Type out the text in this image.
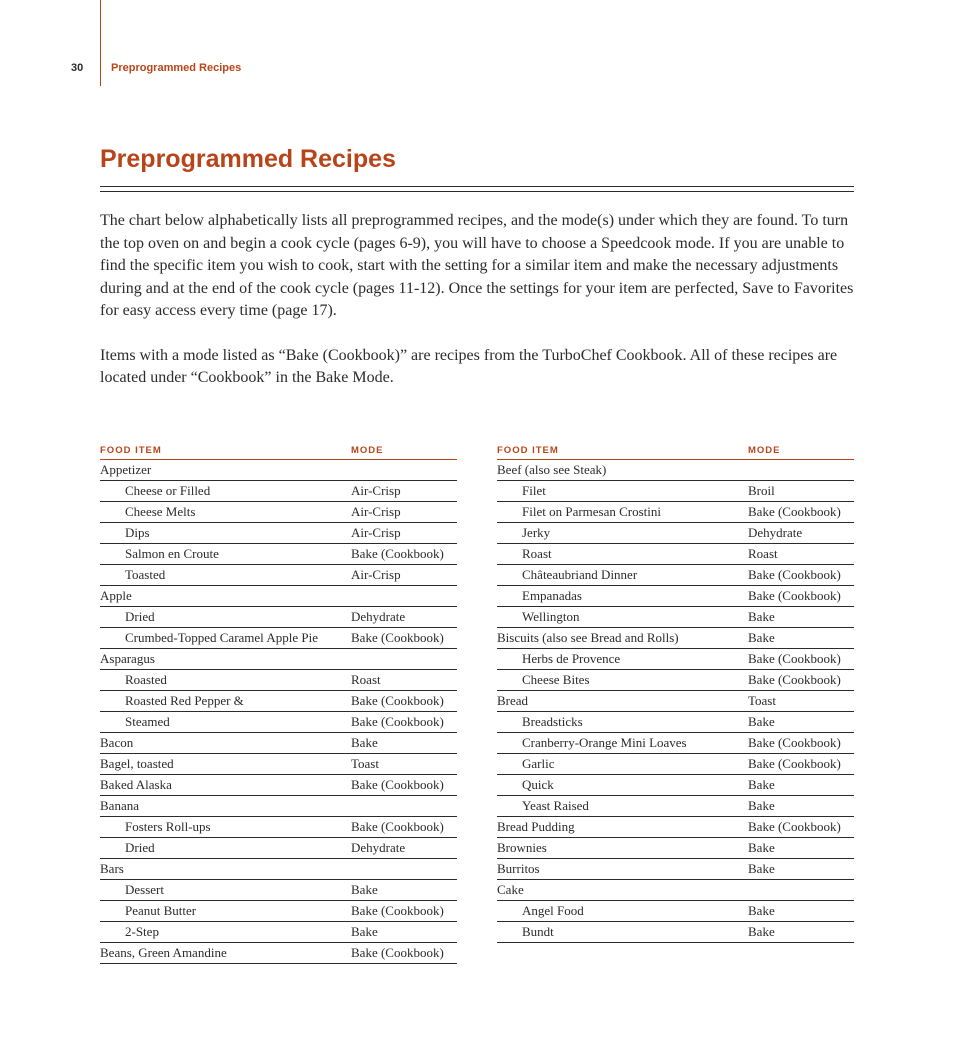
30	Preprogrammed Recipes
Preprogrammed Recipes

The chart below alphabetically lists all preprogrammed recipes, and the mode(s) under which they are found. To turn the top oven on and begin a cook cycle (pages 6-9), you will have to choose a Speedcook mode. If you are unable to find the specific item you wish to cook, start with the setting for a similar item and make the necessary adjustments during and at the end of the cook cycle (pages 11-12). Once the settings for your item are perfected, Save to Favorites for easy access every time (page 17).

Items with a mode listed as “Bake (Cookbook)” are recipes from the TurboChef Cookbook. All of these recipes are located under “Cookbook” in the Bake Mode.

FOOD ITEM	MODE
Appetizer
Cheese or Filled	Air-Crisp
Cheese Melts	Air-Crisp
Dips	Air-Crisp
Salmon en Croute	Bake (Cookbook)
Toasted	Air-Crisp
Apple
Dried	Dehydrate
Crumbed-Topped Caramel Apple Pie	Bake (Cookbook)
Asparagus
Roasted	Roast
Roasted Red Pepper &	Bake (Cookbook)
Steamed	Bake (Cookbook)
Bacon	Bake
Bagel, toasted	Toast
Baked Alaska	Bake (Cookbook)
Banana
Fosters Roll-ups	Bake (Cookbook)
Dried	Dehydrate
Bars
Dessert	Bake
Peanut Butter	Bake (Cookbook)
2-Step	Bake
Beans, Green Amandine	Bake (Cookbook)
FOOD ITEM	MODE
Beef (also see Steak)
Filet	Broil
Filet on Parmesan Crostini	Bake (Cookbook)
Jerky	Dehydrate
Roast	Roast
Châteaubriand Dinner	Bake (Cookbook)
Empanadas	Bake (Cookbook)
Wellington	Bake
Biscuits (also see Bread and Rolls)	Bake
Herbs de Provence	Bake (Cookbook)
Cheese Bites	Bake (Cookbook)
Bread	Toast
Breadsticks	Bake
Cranberry-Orange Mini Loaves	Bake (Cookbook)
Garlic	Bake (Cookbook)
Quick	Bake
Yeast Raised	Bake
Bread Pudding	Bake (Cookbook)
Brownies	Bake
Burritos	Bake
Cake
Angel Food	Bake
Bundt	Bake
